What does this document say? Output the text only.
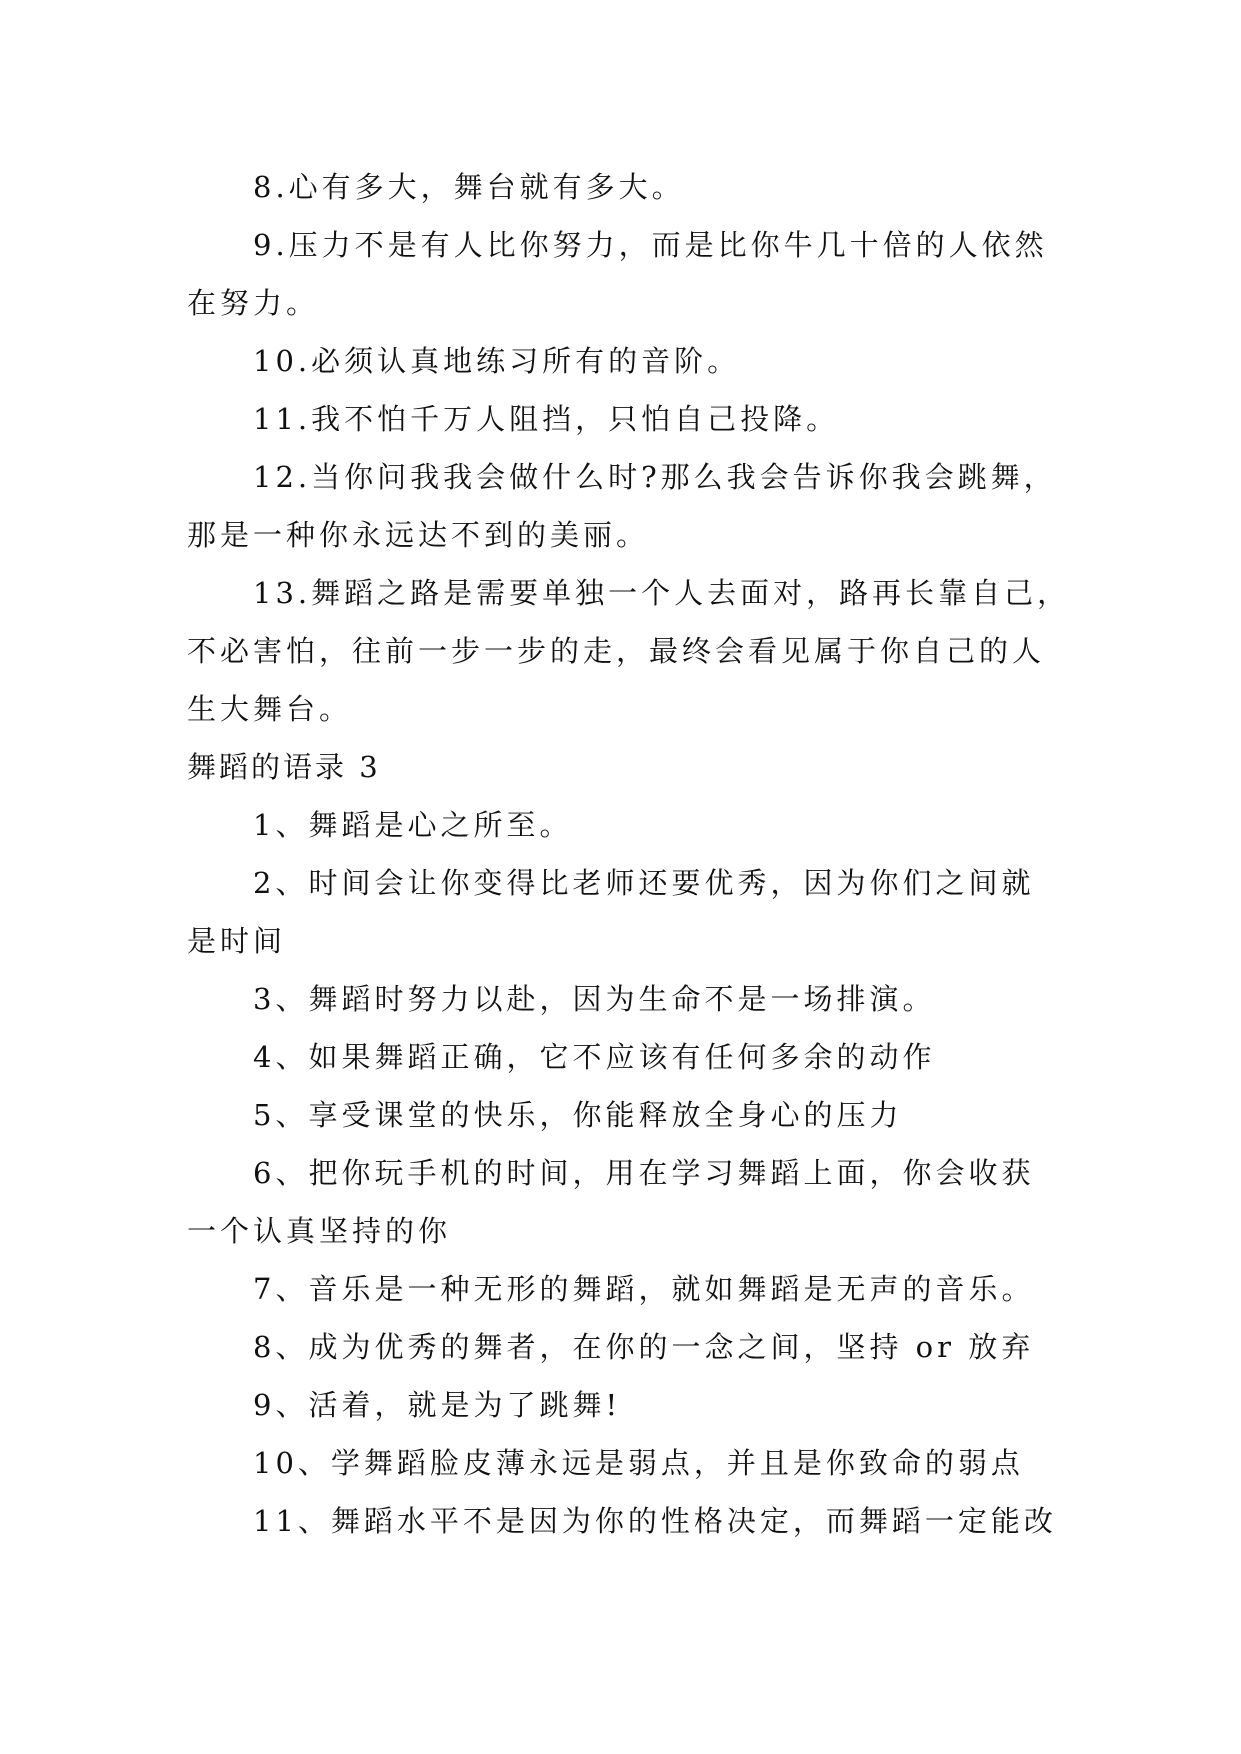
8.心有多大，舞台就有多大。

9.压力不是有人比你努力，而是比你牛几十倍的人依然

在努力。

10.必须认真地练习所有的音阶。

11.我不怕千万人阻挡，只怕自己投降。

12.当你问我我会做什么时?那么我会告诉你我会跳舞，

那是一种你永远达不到的美丽。

13.舞蹈之路是需要单独一个人去面对，路再长靠自己，

不必害怕，往前一步一步的走，最终会看见属于你自己的人

生大舞台。

舞蹈的语录 3

1、舞蹈是心之所至。

2、时间会让你变得比老师还要优秀，因为你们之间就

是时间

3、舞蹈时努力以赴，因为生命不是一场排演。

4、如果舞蹈正确，它不应该有任何多余的动作

5、享受课堂的快乐，你能释放全身心的压力

6、把你玩手机的时间，用在学习舞蹈上面，你会收获

一个认真坚持的你

7、音乐是一种无形的舞蹈，就如舞蹈是无声的音乐。

8、成为优秀的舞者，在你的一念之间，坚持 or 放弃

9、活着，就是为了跳舞!

10、学舞蹈脸皮薄永远是弱点，并且是你致命的弱点

11、舞蹈水平不是因为你的性格决定，而舞蹈一定能改
